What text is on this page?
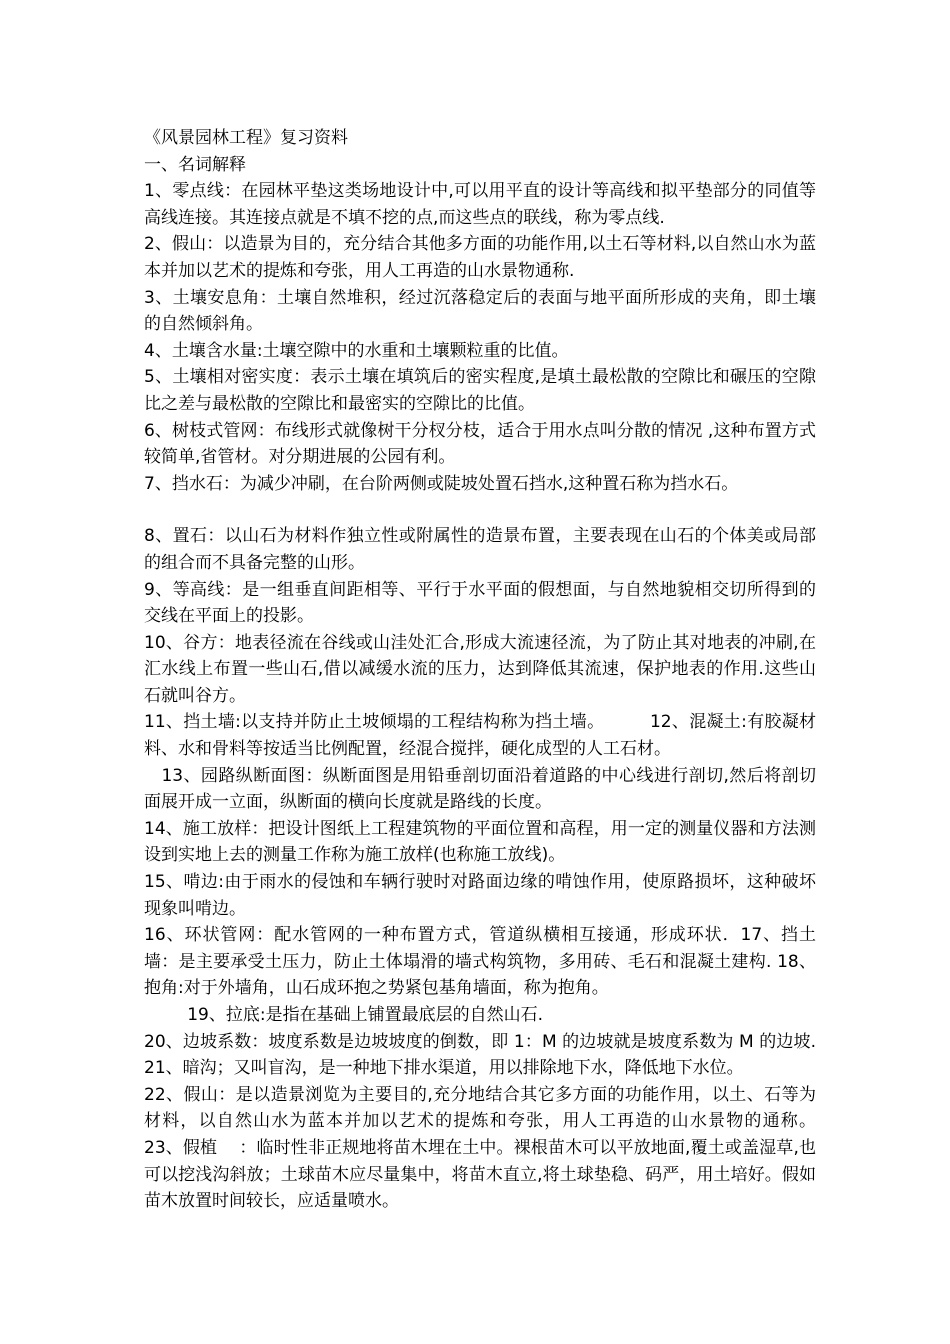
《风景园林工程》复习资料

一、名词解释

1、零点线：在园林平垫这类场地设计中,可以用平直的设计等高线和拟平垫部分的同值等高线连接。其连接点就是不填不挖的点,而这些点的联线，称为零点线.

2、假山：以造景为目的，充分结合其他多方面的功能作用,以土石等材料,以自然山水为蓝本并加以艺术的提炼和夸张，用人工再造的山水景物通称.

3、土壤安息角：土壤自然堆积，经过沉落稳定后的表面与地平面所形成的夹角，即土壤的自然倾斜角。

4、土壤含水量:土壤空隙中的水重和土壤颗粒重的比值。

5、土壤相对密实度：表示土壤在填筑后的密实程度,是填土最松散的空隙比和碾压的空隙比之差与最松散的空隙比和最密实的空隙比的比值。

6、树枝式管网：布线形式就像树干分杈分枝，适合于用水点叫分散的情况 ,这种布置方式较简单,省管材。对分期进展的公园有利。

7、挡水石：为减少冲刷，在台阶两侧或陡坡处置石挡水,这种置石称为挡水石。

8、置石：以山石为材料作独立性或附属性的造景布置，主要表现在山石的个体美或局部的组合而不具备完整的山形。

9、等高线：是一组垂直间距相等、平行于水平面的假想面，与自然地貌相交切所得到的交线在平面上的投影。

10、谷方：地表径流在谷线或山洼处汇合,形成大流速径流，为了防止其对地表的冲刷,在汇水线上布置一些山石,借以减缓水流的压力，达到降低其流速，保护地表的作用.这些山石就叫谷方。

11、挡土墙:以支持并防止土坡倾塌的工程结构称为挡土墙。        12、混凝土:有胶凝材料、水和骨料等按适当比例配置，经混合搅拌，硬化成型的人工石材。

13、园路纵断面图：纵断面图是用铅垂剖切面沿着道路的中心线进行剖切,然后将剖切面展开成一立面，纵断面的横向长度就是路线的长度。

14、施工放样：把设计图纸上工程建筑物的平面位置和高程，用一定的测量仪器和方法测设到实地上去的测量工作称为施工放样(也称施工放线)。

15、啃边:由于雨水的侵蚀和车辆行驶时对路面边缘的啃蚀作用，使原路损坏，这种破坏现象叫啃边。

16、环状管网：配水管网的一种布置方式，管道纵横相互接通，形成环状．17、挡土墙：是主要承受土压力，防止土体塌滑的墙式构筑物，多用砖、毛石和混凝土建构. 18、抱角:对于外墙角，山石成环抱之势紧包基角墙面，称为抱角。

19、拉底:是指在基础上铺置最底层的自然山石.

20、边坡系数：坡度系数是边坡坡度的倒数，即 1：M 的边坡就是坡度系数为 M 的边坡. 21、暗沟；又叫盲沟，是一种地下排水渠道，用以排除地下水，降低地下水位。

22、假山：是以造景浏览为主要目的,充分地结合其它多方面的功能作用，以土、石等为材料，以自然山水为蓝本并加以艺术的提炼和夸张，用人工再造的山水景物的通称。                23、假植    ：临时性非正规地将苗木埋在土中。裸根苗木可以平放地面,覆土或盖湿草,也可以挖浅沟斜放；土球苗木应尽量集中，将苗木直立,将土球垫稳、码严，用土培好。假如苗木放置时间较长，应适量喷水。
